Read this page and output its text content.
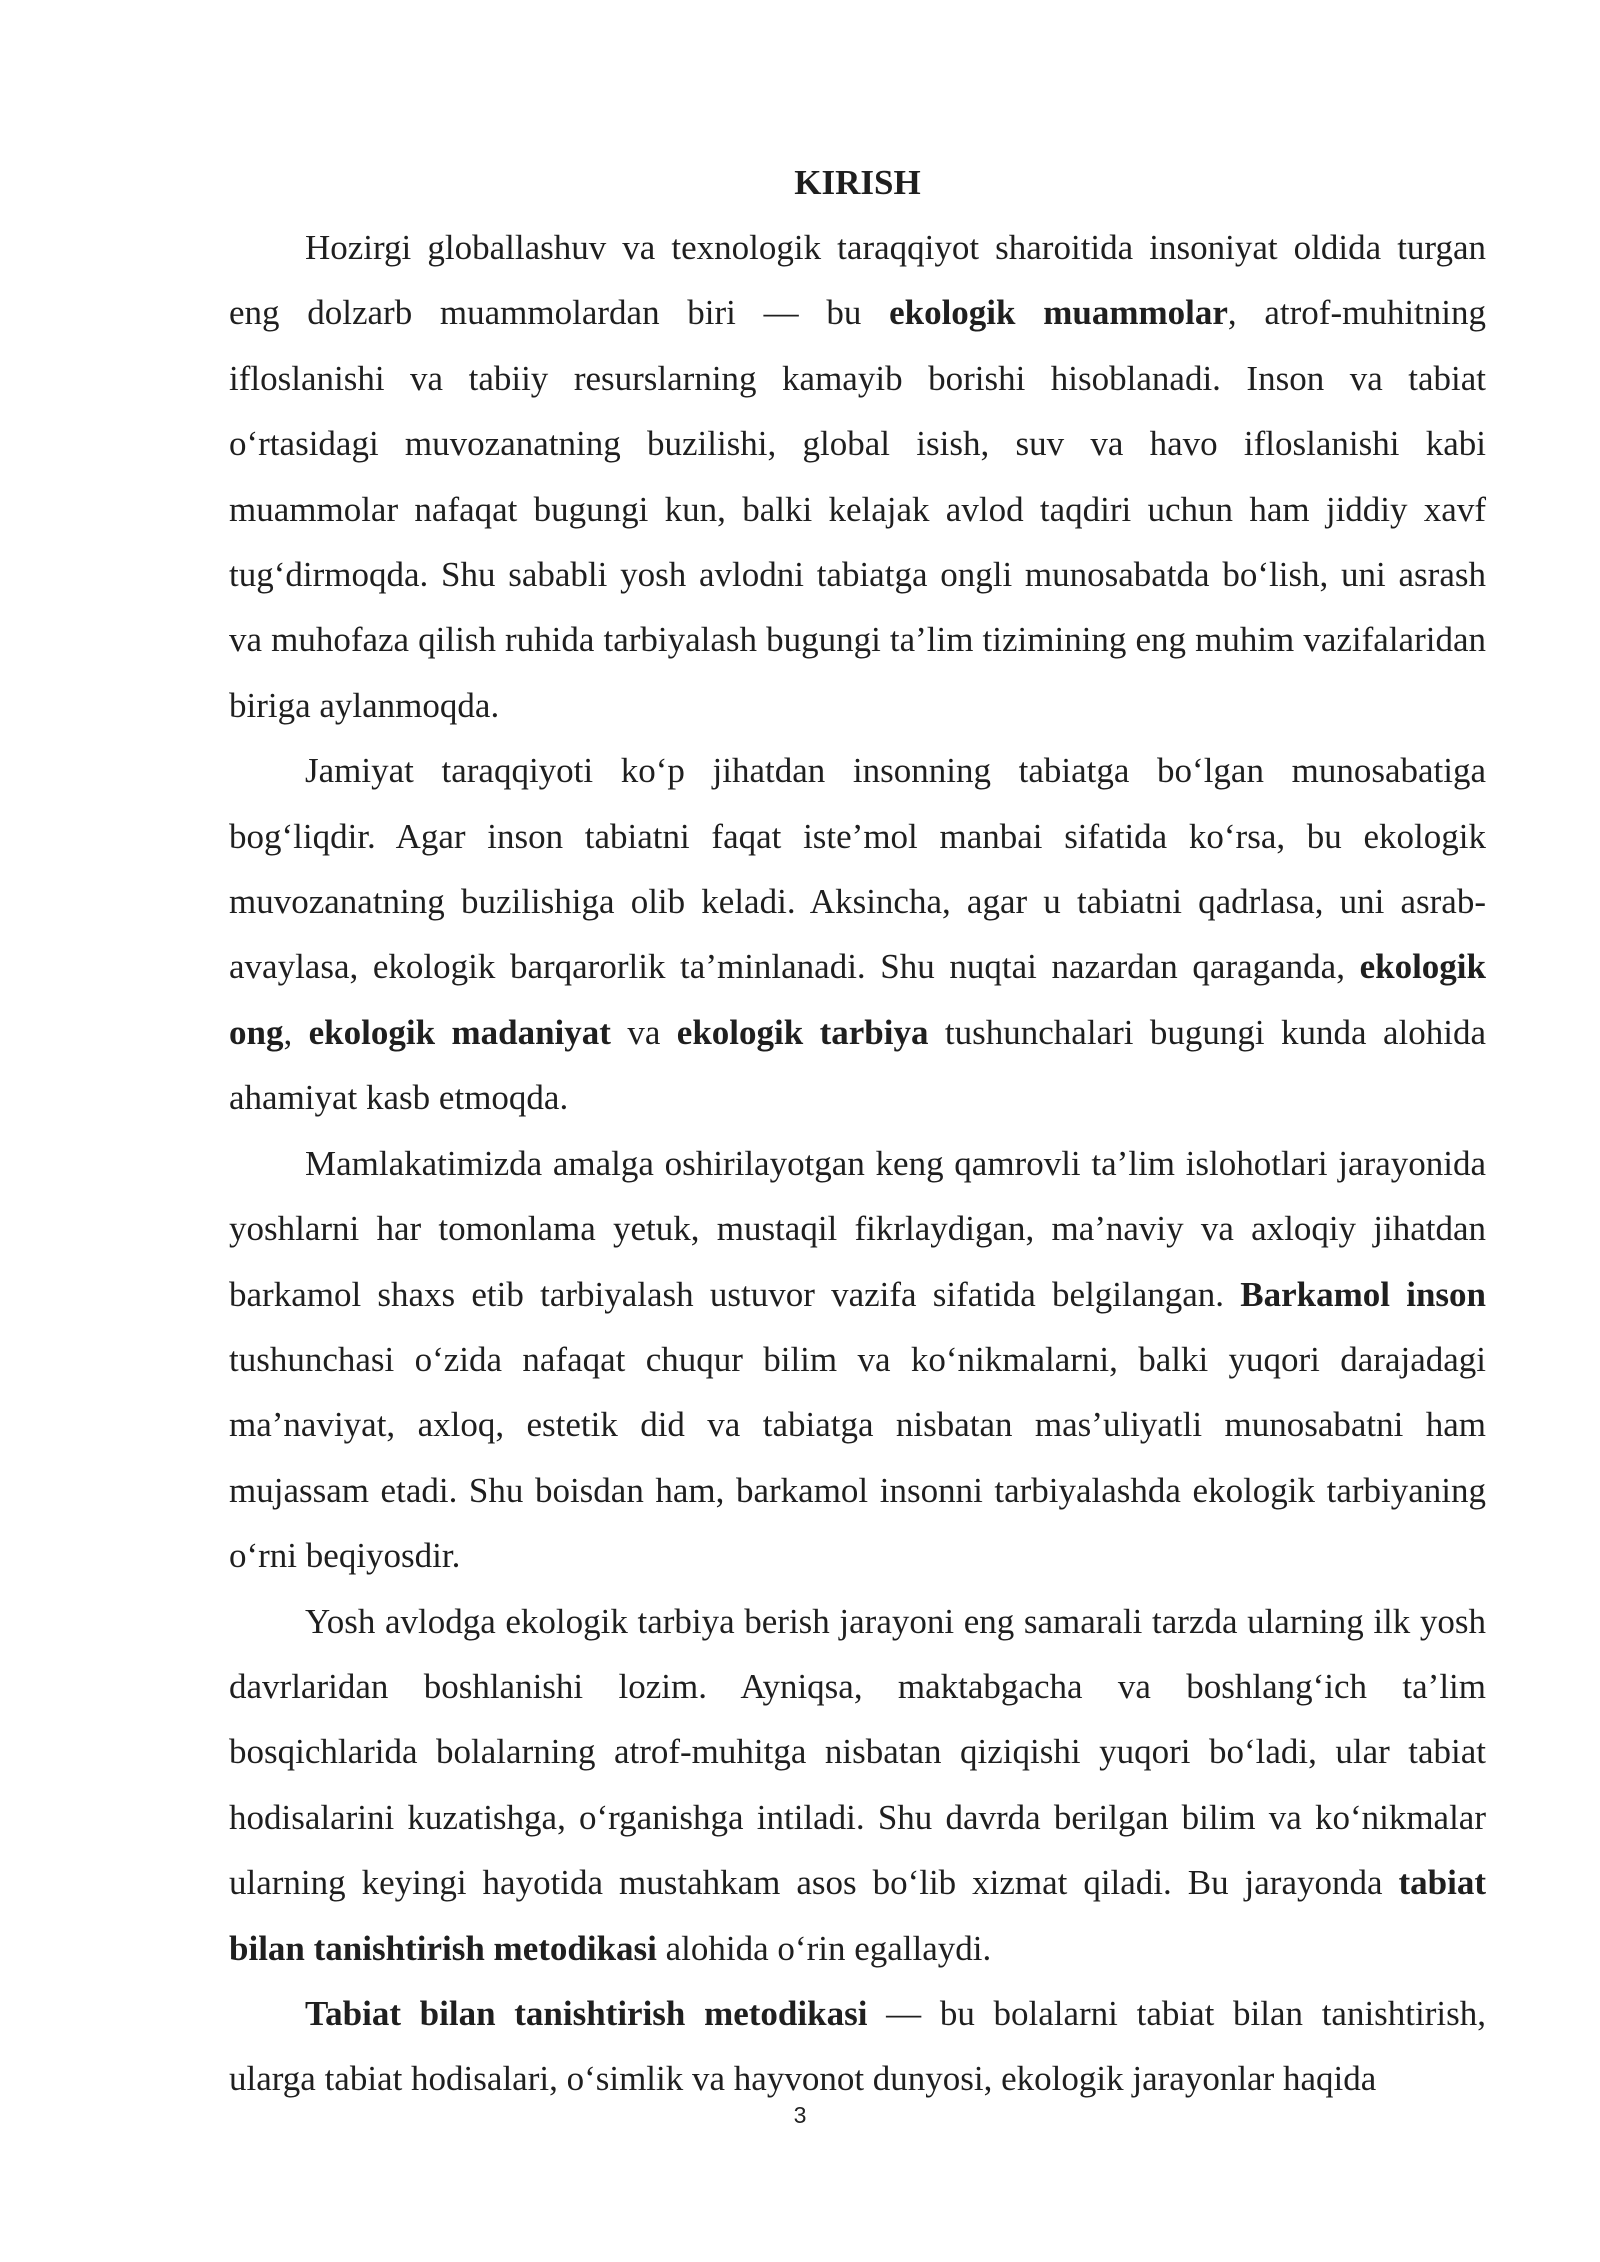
KIRISH

Hozirgi globallashuv va texnologik taraqqiyot sharoitida insoniyat oldida turgan eng dolzarb muammolardan biri — bu ekologik muammolar, atrof-muhitning ifloslanishi va tabiiy resurslarning kamayib borishi hisoblanadi. Inson va tabiat o‘rtasidagi muvozanatning buzilishi, global isish, suv va havo ifloslanishi kabi muammolar nafaqat bugungi kun, balki kelajak avlod taqdiri uchun ham jiddiy xavf tug‘dirmoqda. Shu sababli yosh avlodni tabiatga ongli munosabatda bo‘lish, uni asrash va muhofaza qilish ruhida tarbiyalash bugungi ta’lim tizimining eng muhim vazifalaridan biriga aylanmoqda.

Jamiyat taraqqiyoti ko‘p jihatdan insonning tabiatga bo‘lgan munosabatiga bog‘liqdir. Agar inson tabiatni faqat iste’mol manbai sifatida ko‘rsa, bu ekologik muvozanatning buzilishiga olib keladi. Aksincha, agar u tabiatni qadrlasa, uni asrab-avaylasa, ekologik barqarorlik ta’minlanadi. Shu nuqtai nazardan qaraganda, ekologik ong, ekologik madaniyat va ekologik tarbiya tushunchalari bugungi kunda alohida ahamiyat kasb etmoqda.

Mamlakatimizda amalga oshirilayotgan keng qamrovli ta’lim islohotlari jarayonida yoshlarni har tomonlama yetuk, mustaqil fikrlaydigan, ma’naviy va axloqiy jihatdan barkamol shaxs etib tarbiyalash ustuvor vazifa sifatida belgilangan. Barkamol inson tushunchasi o‘zida nafaqat chuqur bilim va ko‘nikmalarni, balki yuqori darajadagi ma’naviyat, axloq, estetik did va tabiatga nisbatan mas’uliyatli munosabatni ham mujassam etadi. Shu boisdan ham, barkamol insonni tarbiyalashda ekologik tarbiyaning o‘rni beqiyosdir.

Yosh avlodga ekologik tarbiya berish jarayoni eng samarali tarzda ularning ilk yosh davrlaridan boshlanishi lozim. Ayniqsa, maktabgacha va boshlang‘ich ta’lim bosqichlarida bolalarning atrof-muhitga nisbatan qiziqishi yuqori bo‘ladi, ular tabiat hodisalarini kuzatishga, o‘rganishga intiladi. Shu davrda berilgan bilim va ko‘nikmalar ularning keyingi hayotida mustahkam asos bo‘lib xizmat qiladi. Bu jarayonda tabiat bilan tanishtirish metodikasi alohida o‘rin egallaydi.

Tabiat bilan tanishtirish metodikasi — bu bolalarni tabiat bilan tanishtirish, ularga tabiat hodisalari, o‘simlik va hayvonot dunyosi, ekologik jarayonlar haqida

3
